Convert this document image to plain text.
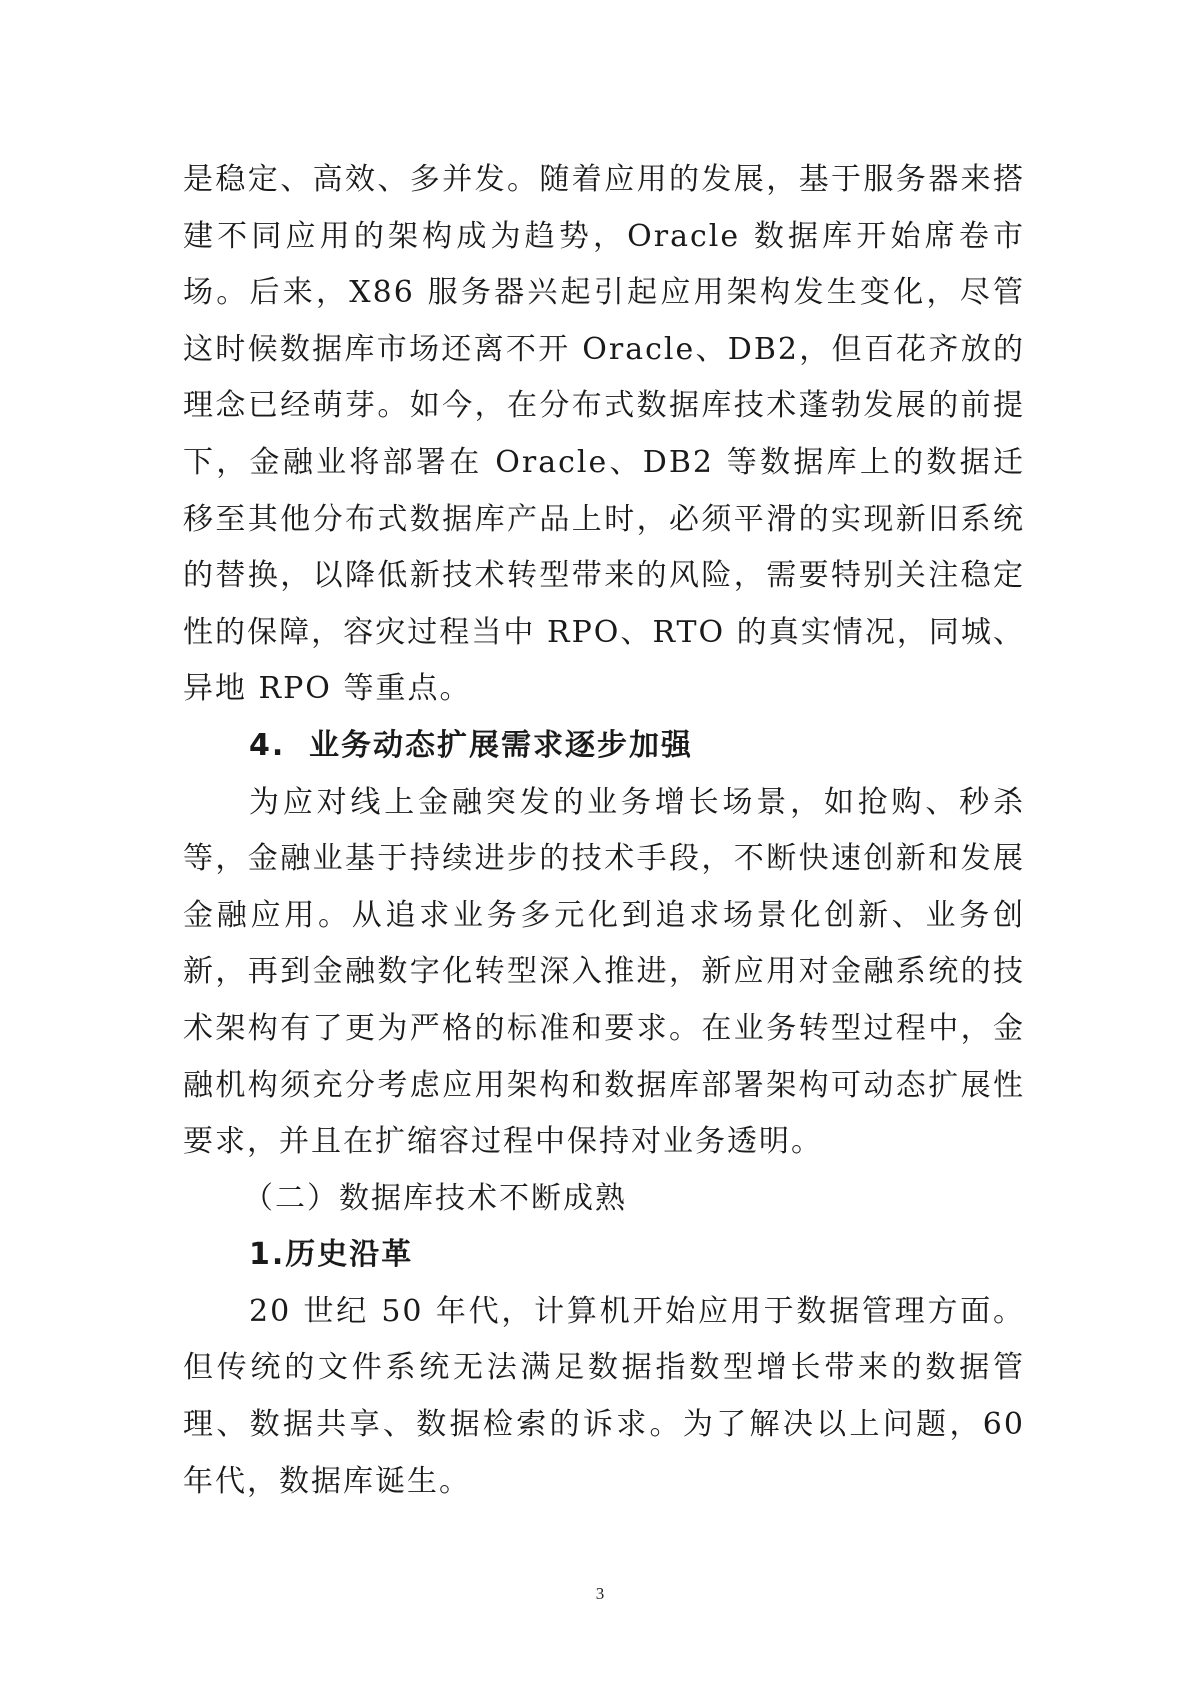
是稳定、高效、多并发。随着应用的发展，基于服务器来搭建不同应用的架构成为趋势，Oracle 数据库开始席卷市场。后来，X86 服务器兴起引起应用架构发生变化，尽管这时候数据库市场还离不开 Oracle、DB2，但百花齐放的理念已经萌芽。如今，在分布式数据库技术蓬勃发展的前提下，金融业将部署在 Oracle、DB2 等数据库上的数据迁移至其他分布式数据库产品上时，必须平滑的实现新旧系统的替换，以降低新技术转型带来的风险，需要特别关注稳定性的保障，容灾过程当中 RPO、RTO 的真实情况，同城、异地 RPO 等重点。

4. 业务动态扩展需求逐步加强

为应对线上金融突发的业务增长场景，如抢购、秒杀等，金融业基于持续进步的技术手段，不断快速创新和发展金融应用。从追求业务多元化到追求场景化创新、业务创新，再到金融数字化转型深入推进，新应用对金融系统的技术架构有了更为严格的标准和要求。在业务转型过程中，金融机构须充分考虑应用架构和数据库部署架构可动态扩展性要求，并且在扩缩容过程中保持对业务透明。

（二）数据库技术不断成熟

1.历史沿革

20 世纪 50 年代，计算机开始应用于数据管理方面。但传统的文件系统无法满足数据指数型增长带来的数据管理、数据共享、数据检索的诉求。为了解决以上问题，60 年代，数据库诞生。

3
